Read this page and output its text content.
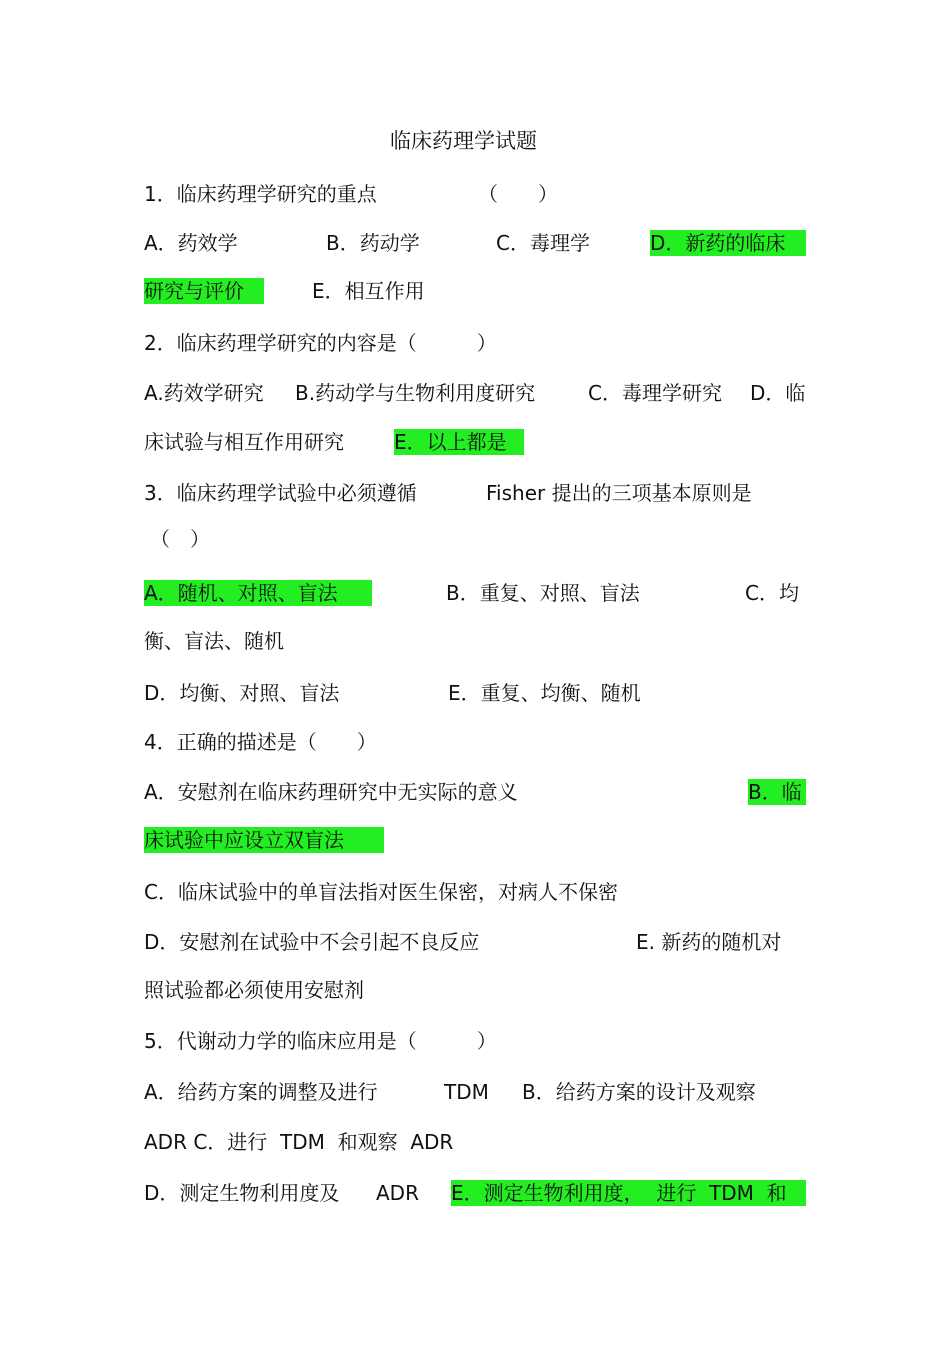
临床药理学试题
1．临床药理学研究的重点	（　　）
A．药效学	B．药动学	C．毒理学	D．新药的临床
研究与评价	E．相互作用
2．临床药理学研究的内容是（　　　）
A.药效学研究 B.药动学与生物利用度研究	C．毒理学研究 D．临
床试验与相互作用研究	E．以上都是
3．临床药理学试验中必须遵循	Fisher 提出的三项基本原则是
（　）
A．随机、对照、盲法	B．重复、对照、盲法	C．均
衡、盲法、随机
D．均衡、对照、盲法	E．重复、均衡、随机
4．正确的描述是（　　）
A．安慰剂在临床药理研究中无实际的意义	B．临
床试验中应设立双盲法
C．临床试验中的单盲法指对医生保密，对病人不保密
D．安慰剂在试验中不会引起不良反应	E. 新药的随机对
照试验都必须使用安慰剂
5．代谢动力学的临床应用是（　　　）
A．给药方案的调整及进行	TDM B．给药方案的设计及观察
ADR C．进行  TDM  和观察  ADR
D．测定生物利用度及 ADR E．测定生物利用度，  进行  TDM  和
